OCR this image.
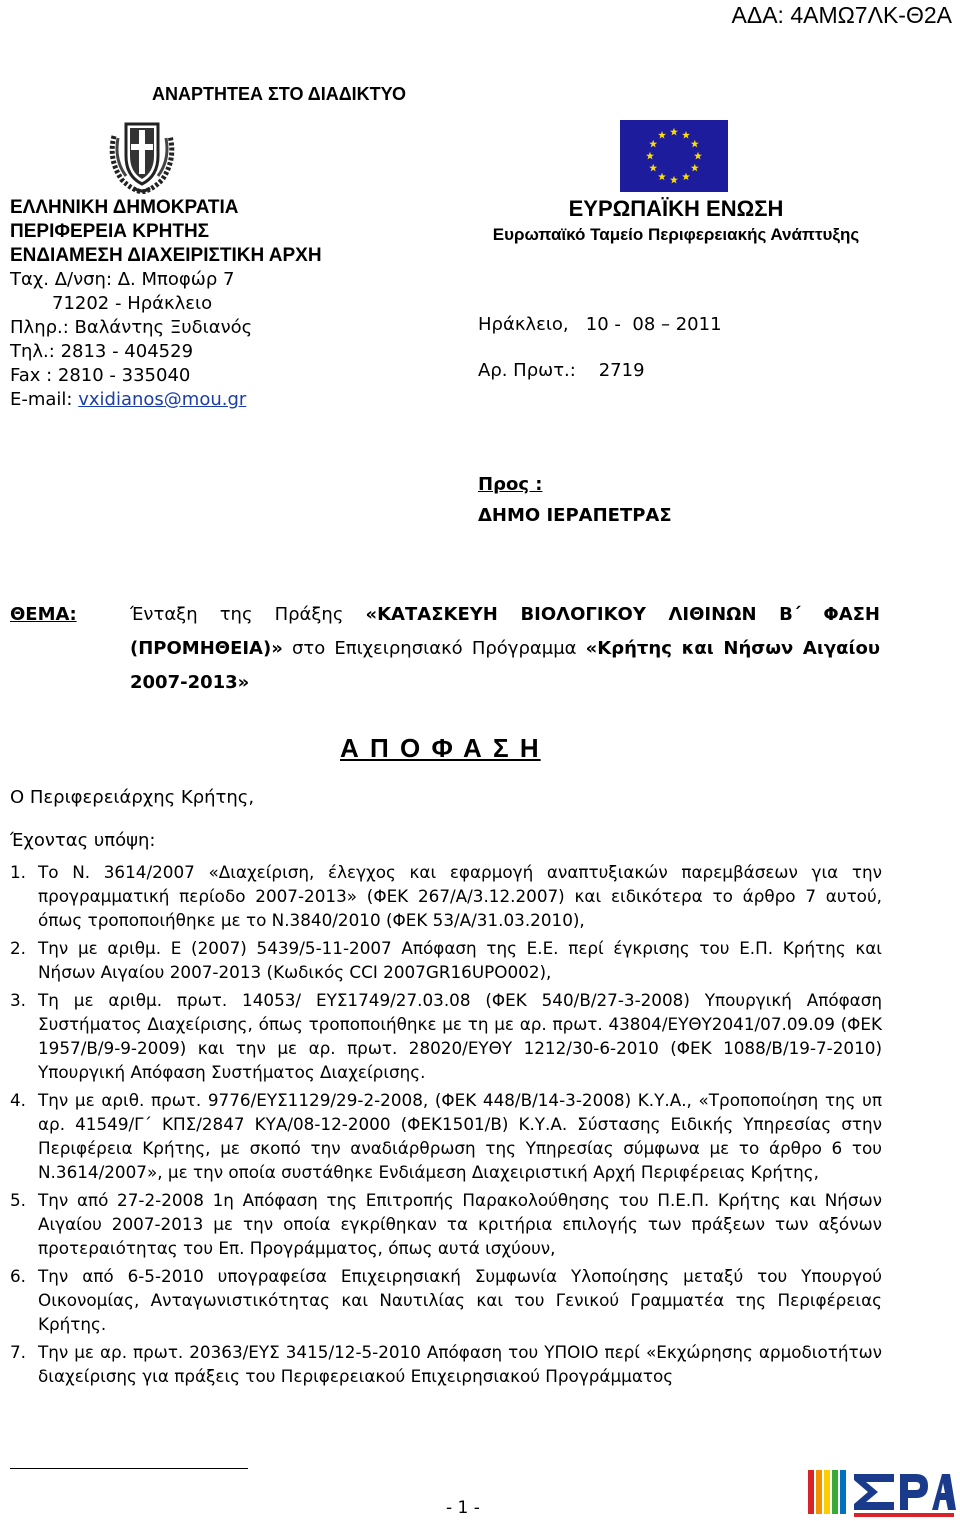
ΑΔΑ: 4ΑΜΩ7ΛΚ-Θ2Α
ΑΝΑΡΤΗΤΕΑ ΣΤΟ ΔΙΑΔΙΚΤΥΟ
ΕΛΛΗΝΙΚΗ ΔΗΜΟΚΡΑΤΙΑ
ΠΕΡΙΦΕΡΕΙΑ ΚΡΗΤΗΣ
ΕΝΔΙΑΜΕΣΗ ΔΙΑΧΕΙΡΙΣΤΙΚΗ ΑΡΧΗ
Ταχ. Δ/νση: Δ. Μποφώρ 7
71202 - Ηράκλειο
Πληρ.: Βαλάντης Ξυδιανός
Τηλ.: 2813 - 404529
Fax : 2810 - 335040
E-mail: vxidianos@mou.gr
ΕΥΡΩΠΑΪΚΗ ΕΝΩΣΗ
Ευρωπαϊκό Ταμείο Περιφερειακής Ανάπτυξης
Ηράκλειο,   10 -  08 – 2011
Αρ. Πρωτ.:    2719
Προς :
ΔΗΜΟ ΙΕΡΑΠΕΤΡΑΣ
ΘΕΜΑ:	Ένταξη της Πράξης «ΚΑΤΑΣΚΕΥΗ ΒΙΟΛΟΓΙΚΟΥ ΛΙΘΙΝΩΝ Β΄ ΦΑΣΗ (ΠΡΟΜΗΘΕΙΑ)» στο Επιχειρησιακό Πρόγραμμα «Κρήτης και Νήσων Αιγαίου 2007-2013»
Α Π Ο Φ Α Σ Η
Ο Περιφερειάρχης Κρήτης,
Έχοντας υπόψη:
1. Το Ν. 3614/2007 «Διαχείριση, έλεγχος και εφαρμογή αναπτυξιακών παρεμβάσεων για την προγραμματική περίοδο 2007-2013» (ΦΕΚ 267/Α/3.12.2007) και ειδικότερα το άρθρο 7 αυτού, όπως τροποποιήθηκε με το Ν.3840/2010 (ΦΕΚ 53/Α/31.03.2010),
2. Την με αριθμ. Ε (2007) 5439/5-11-2007 Απόφαση της Ε.Ε. περί έγκρισης του Ε.Π. Κρήτης και Νήσων Αιγαίου 2007-2013 (Κωδικός CCI 2007GR16UPO002),
3. Τη με αριθμ. πρωτ. 14053/ ΕΥΣ1749/27.03.08 (ΦΕΚ 540/Β/27-3-2008) Υπουργική Απόφαση Συστήματος Διαχείρισης, όπως τροποποιήθηκε με τη με αρ. πρωτ. 43804/ΕΥΘΥ2041/07.09.09 (ΦΕΚ 1957/Β/9-9-2009) και την με αρ. πρωτ. 28020/ΕΥΘΥ 1212/30-6-2010 (ΦΕΚ 1088/Β/19-7-2010) Υπουργική Απόφαση Συστήματος Διαχείρισης.
4. Την με αριθ. πρωτ. 9776/ΕΥΣ1129/29-2-2008, (ΦΕΚ 448/Β/14-3-2008) Κ.Υ.Α., «Τροποποίηση της υπ αρ. 41549/Γ΄ ΚΠΣ/2847 ΚΥΑ/08-12-2000 (ΦΕΚ1501/Β) Κ.Υ.Α. Σύστασης Ειδικής Υπηρεσίας στην Περιφέρεια Κρήτης, με σκοπό την αναδιάρθρωση της Υπηρεσίας σύμφωνα με το άρθρο 6 του Ν.3614/2007», με την οποία συστάθηκε Ενδιάμεση Διαχειριστική Αρχή Περιφέρειας Κρήτης,
5. Την από 27-2-2008 1η Απόφαση της Επιτροπής Παρακολούθησης του Π.Ε.Π. Κρήτης και Νήσων Αιγαίου 2007-2013 με την οποία εγκρίθηκαν τα κριτήρια επιλογής των πράξεων των αξόνων προτεραιότητας του Επ. Προγράμματος, όπως αυτά ισχύουν,
6. Την από 6-5-2010 υπογραφείσα Επιχειρησιακή Συμφωνία Υλοποίησης μεταξύ του Υπουργού Οικονομίας, Ανταγωνιστικότητας και Ναυτιλίας και του Γενικού Γραμματέα της Περιφέρειας Κρήτης.
7. Την με αρ. πρωτ. 20363/ΕΥΣ 3415/12-5-2010 Απόφαση του ΥΠΟΙΟ περί «Εκχώρησης αρμοδιοτήτων διαχείρισης για πράξεις του Περιφερειακού Επιχειρησιακού Προγράμματος
- 1 -
